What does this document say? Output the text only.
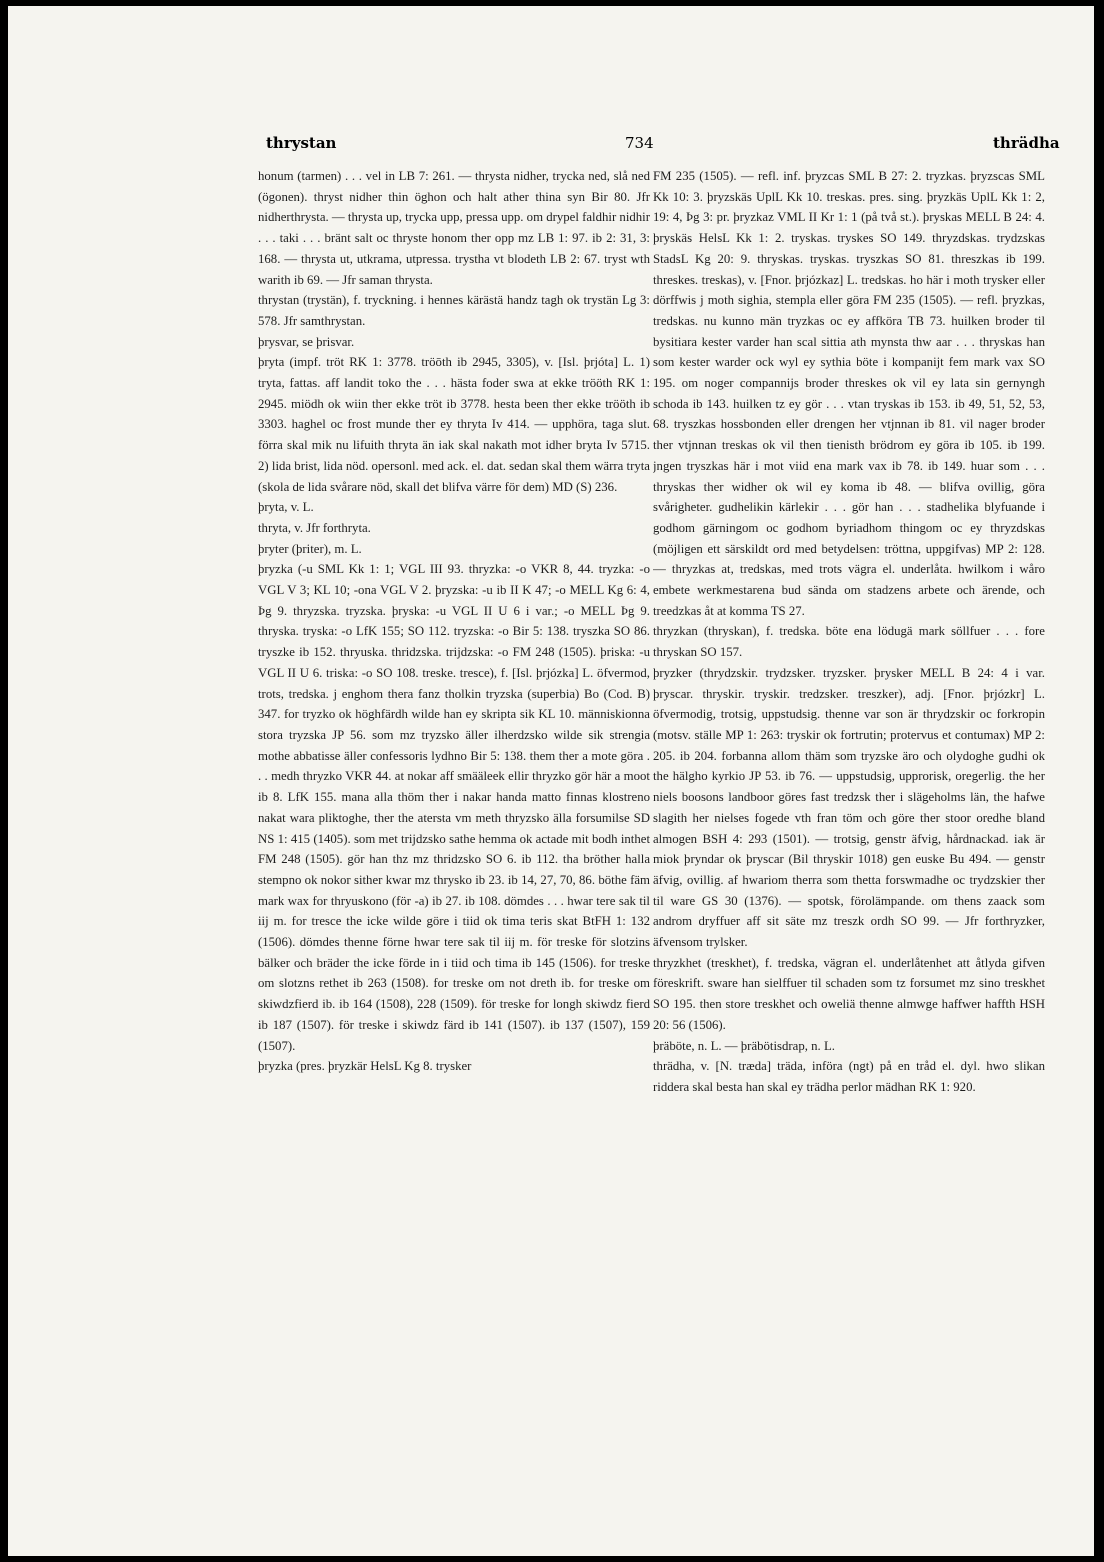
thrystan	734	thrädha

honum (tarmen) . . . vel in LB 7: 261. — thrysta nidher, trycka ned, slå ned (ögonen). thryst nidher thin öghon och halt ather thina syn Bir 80. Jfr nidherthrysta. — thrysta up, trycka upp, pressa upp. om drypel faldhir nidhir . . . taki . . . bränt salt oc thryste honom ther opp mz LB 1: 97. ib 2: 31, 3: 168. — thrysta ut, utkrama, utpressa. trystha vt blodeth LB 2: 67. tryst wth warith ib 69. — Jfr saman thrysta.

thrystan (trystän), f. tryckning. i hennes kärästä handz tagh ok trystän Lg 3: 578. Jfr samthrystan.

þrysvar, se þrisvar.

þryta (impf. tröt RK 1: 3778. tröōth ib 2945, 3305), v. [Isl. þrjóta] L. 1) tryta, fattas. aff landit toko the . . . hästa foder swa at ekke trööth RK 1: 2945. miödh ok wiin ther ekke tröt ib 3778. hesta been ther ekke trööth ib 3303. haghel oc frost munde ther ey thryta Iv 414. — upphöra, taga slut. förra skal mik nu lifuith thryta än iak skal nakath mot idher bryta Iv 5715. 2) lida brist, lida nöd. opersonl. med ack. el. dat. sedan skal them wärra tryta (skola de lida svårare nöd, skall det blifva värre för dem) MD (S) 236.

þryta, v. L.

thryta, v. Jfr forthryta.

þryter (þriter), m. L.

þryzka (-u SML Kk 1: 1; VGL III 93. thryzka: -o VKR 8, 44. tryzka: -o VGL V 3; KL 10; -ona VGL V 2. þryzska: -u ib II K 47; -o MELL Kg 6: 4, Þg 9. thryzska. tryzska. þryska: -u VGL II U 6 i var.; -o MELL Þg 9. thryska. tryska: -o LfK 155; SO 112. tryzska: -o Bir 5: 138. tryszka SO 86. tryszke ib 152. thryuska. thridzska. trijdzska: -o FM 248 (1505). þriska: -u VGL II U 6. triska: -o SO 108. treske. tresce), f. [Isl. þrjózka] L. öfvermod, trots, tredska. j enghom thera fanz tholkin tryzska (superbia) Bo (Cod. B) 347. for tryzko ok höghfärdh wilde han ey skripta sik KL 10. människionna stora tryzska JP 56. som mz tryzsko äller ilherdzsko wilde sik strengia mothe abbatisse äller confessoris lydhno Bir 5: 138. them ther a mote göra . . . medh thryzko VKR 44. at nokar aff smääleek ellir thryzko gör här a moot ib 8. LfK 155. mana alla thöm ther i nakar handa matto finnas klostreno nakat wara pliktoghe, ther the atersta vm meth thryzsko älla forsumilse SD NS 1: 415 (1405). som met trijdzsko sathe hemma ok actade mit bodh inthet FM 248 (1505). gör han thz mz thridzsko SO 6. ib 112. tha bröther halla stempno ok nokor sither kwar mz thrysko ib 23. ib 14, 27, 70, 86. böthe fäm mark wax for thryuskono (för -a) ib 27. ib 108. dömdes . . . hwar tere sak til iij m. for tresce the icke wilde göre i tiid ok tima teris skat BtFH 1: 132 (1506). dömdes thenne förne hwar tere sak til iij m. för treske för slotzins bälker och bräder the icke förde in i tiid och tima ib 145 (1506). for treske om slotzns rethet ib 263 (1508). for treske om not dreth ib. for treske om skiwdzfierd ib. ib 164 (1508), 228 (1509). för treske for longh skiwdz fierd ib 187 (1507). för treske i skiwdz färd ib 141 (1507). ib 137 (1507), 159 (1507).

þryzka (pres. þryzkär HelsL Kg 8. trysker

FM 235 (1505). — refl. inf. þryzcas SML B 27: 2. tryzkas. þryzscas SML Kk 10: 3. þryzskäs UplL Kk 10. treskas. pres. sing. þryzkäs UplL Kk 1: 2, 19: 4, Þg 3: pr. þryzkaz VML II Kr 1: 1 (på två st.). þryskas MELL B 24: 4. þryskäs HelsL Kk 1: 2. tryskas. tryskes SO 149. thryzdskas. trydzskas StadsL Kg 20: 9. thryskas. tryskas. tryszkas SO 81. threszkas ib 199. threskes. treskas), v. [Fnor. þrjózkaz] L. tredskas. ho här i moth trysker eller dörffwis j moth sighia, stempla eller göra FM 235 (1505). — refl. þryzkas, tredskas. nu kunno män tryzkas oc ey affköra TB 73. huilken broder til bysitiara kester varder han scal sittia ath mynsta thw aar . . . thryskas han som kester warder ock wyl ey sythia böte i kompanijt fem mark vax SO 195. om noger compannijs broder threskes ok vil ey lata sin gernyngh schoda ib 143. huilken tz ey gör . . . vtan tryskas ib 153. ib 49, 51, 52, 53, 68. tryszkas hossbonden eller drengen her vtjnnan ib 81. vil nager broder ther vtjnnan treskas ok vil then tienisth brödrom ey göra ib 105. ib 199. jngen tryszkas här i mot viid ena mark vax ib 78. ib 149. huar som . . . thryskas ther widher ok wil ey koma ib 48. — blifva ovillig, göra svårigheter. gudhelikin kärlekir . . . gör han . . . stadhelika blyfuande i godhom gärningom oc godhom byriadhom thingom oc ey thryzdskas (möjligen ett särskildt ord med betydelsen: tröttna, uppgifvas) MP 2: 128. — thryzkas at, tredskas, med trots vägra el. underlåta. hwilkom i wåro embete werkmestarena bud sända om stadzens arbete och ärende, och treedzkas åt at komma TS 27.

thryzkan (thryskan), f. tredska. böte ena lödugä mark söllfuer . . . fore thryskan SO 157.

þryzker (thrydzskir. trydzsker. tryzsker. þrysker MELL B 24: 4 i var. þryscar. thryskir. tryskir. tredzsker. treszker), adj. [Fnor. þrjózkr] L. öfvermodig, trotsig, uppstudsig. thenne var son är thrydzskir oc forkropin (motsv. ställe MP 1: 263: tryskir ok fortrutin; protervus et contumax) MP 2: 205. ib 204. forbanna allom thäm som tryzske äro och olydoghe gudhi ok the hälgho kyrkio JP 53. ib 76. — uppstudsig, upprorisk, oregerlig. the her niels boosons landboor göres fast tredzsk ther i slägeholms län, the hafwe slagith her nielses fogede vth fran töm och göre ther stoor oredhe bland almogen BSH 4: 293 (1501). — trotsig, genstr äfvig, hårdnackad. iak är miok þryndar ok þryscar (Bil thryskir 1018) gen euske Bu 494. — genstr äfvig, ovillig. af hwariom therra som thetta forswmadhe oc trydzskier ther til ware GS 30 (1376). — spotsk, förolämpande. om thens zaack som androm dryffuer aff sit säte mz treszk ordh SO 99. — Jfr forthryzker, äfvensom trylsker.

thryzkhet (treskhet), f. tredska, vägran el. underlåtenhet att åtlyda gifven föreskrift. sware han sielffuer til schaden som tz forsumet mz sino treskhet SO 195. then store treskhet och oweliä thenne almwge haffwer haffth HSH 20: 56 (1506).

þräböte, n. L. — þräbötisdrap, n. L.

thrädha, v. [N. træda] träda, införa (ngt) på en tråd el. dyl. hwo slikan riddera skal besta han skal ey trädha perlor mädhan RK 1: 920.
